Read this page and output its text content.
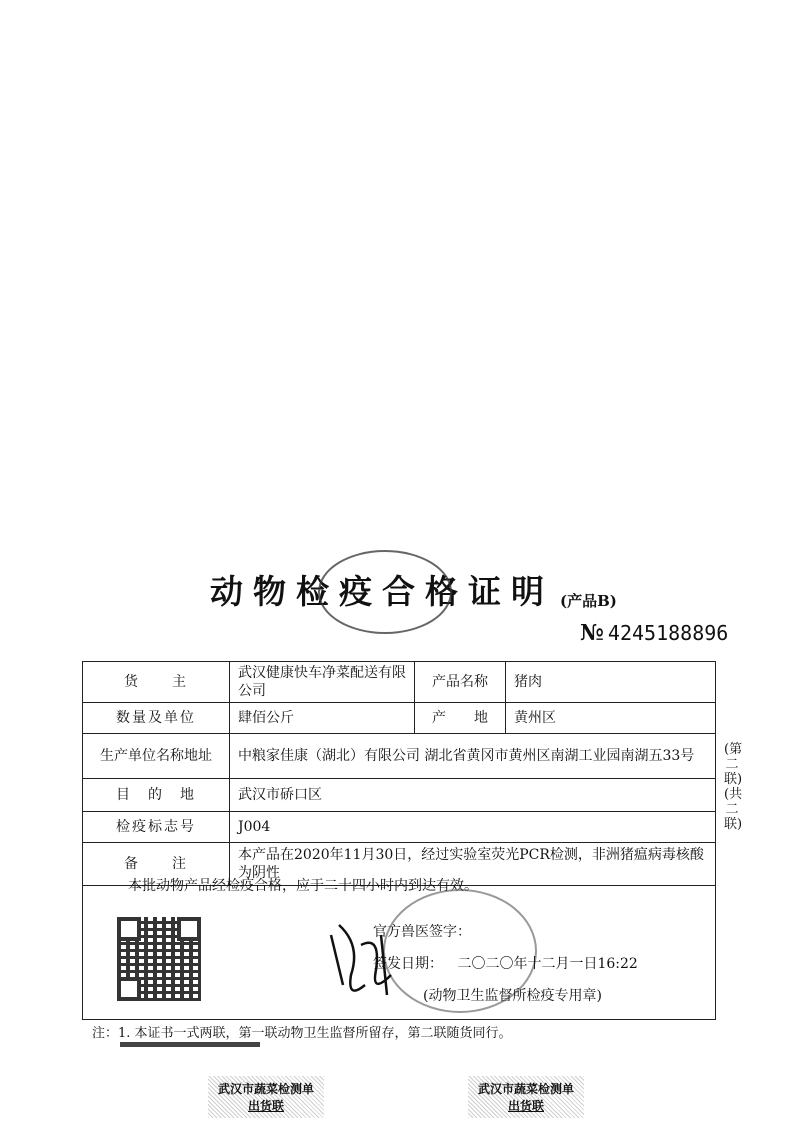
动物检疫合格证明 (产品B)
№ 4245188896
货　　主	武汉健康快车净菜配送有限公司	产品名称	猪肉
数量及单位	肆佰公斤	产　　地	黄州区
生产单位名称地址	中粮家佳康（湖北）有限公司 湖北省黄冈市黄州区南湖工业园南湖五33号		
目　的　地	武汉市硚口区		
检疫标志号	J004		
备　　注	本产品在2020年11月30日，经过实验室荧光PCR检测，非洲猪瘟病毒核酸为阴性		
本批动物产品经检疫合格，应于二十四小时内到达有效。
官方兽医签字：
签发日期： 二〇二〇年十二月一日16:22
(动物卫生监督所检疫专用章)
(第二联)(共二联)
注：1. 本证书一式两联，第一联动物卫生监督所留存，第二联随货同行。
武汉市蔬菜检测单
出货联
武汉市蔬菜检测单
出货联
